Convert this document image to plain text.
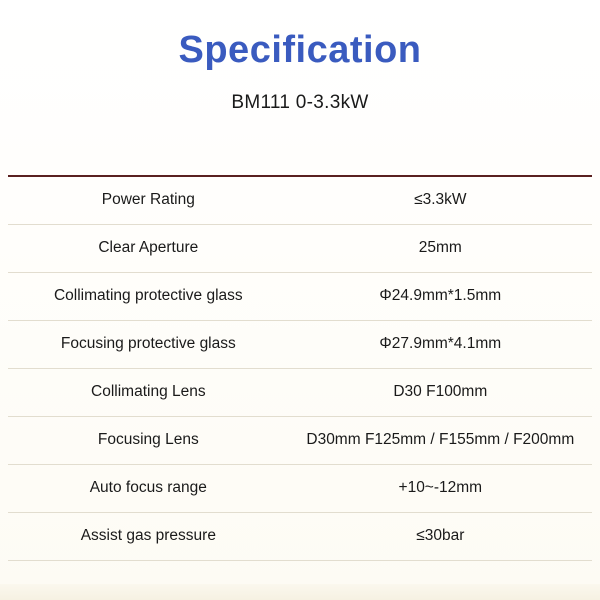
Specification
BM111 0-3.3kW
Power Rating	≤3.3kW
Clear Aperture	25mm
Collimating protective glass	Φ24.9mm*1.5mm
Focusing protective glass	Φ27.9mm*4.1mm
Collimating Lens	D30 F100mm
Focusing Lens	D30mm F125mm / F155mm / F200mm
Auto focus range	+10~-12mm
Assist gas pressure	≤30bar
